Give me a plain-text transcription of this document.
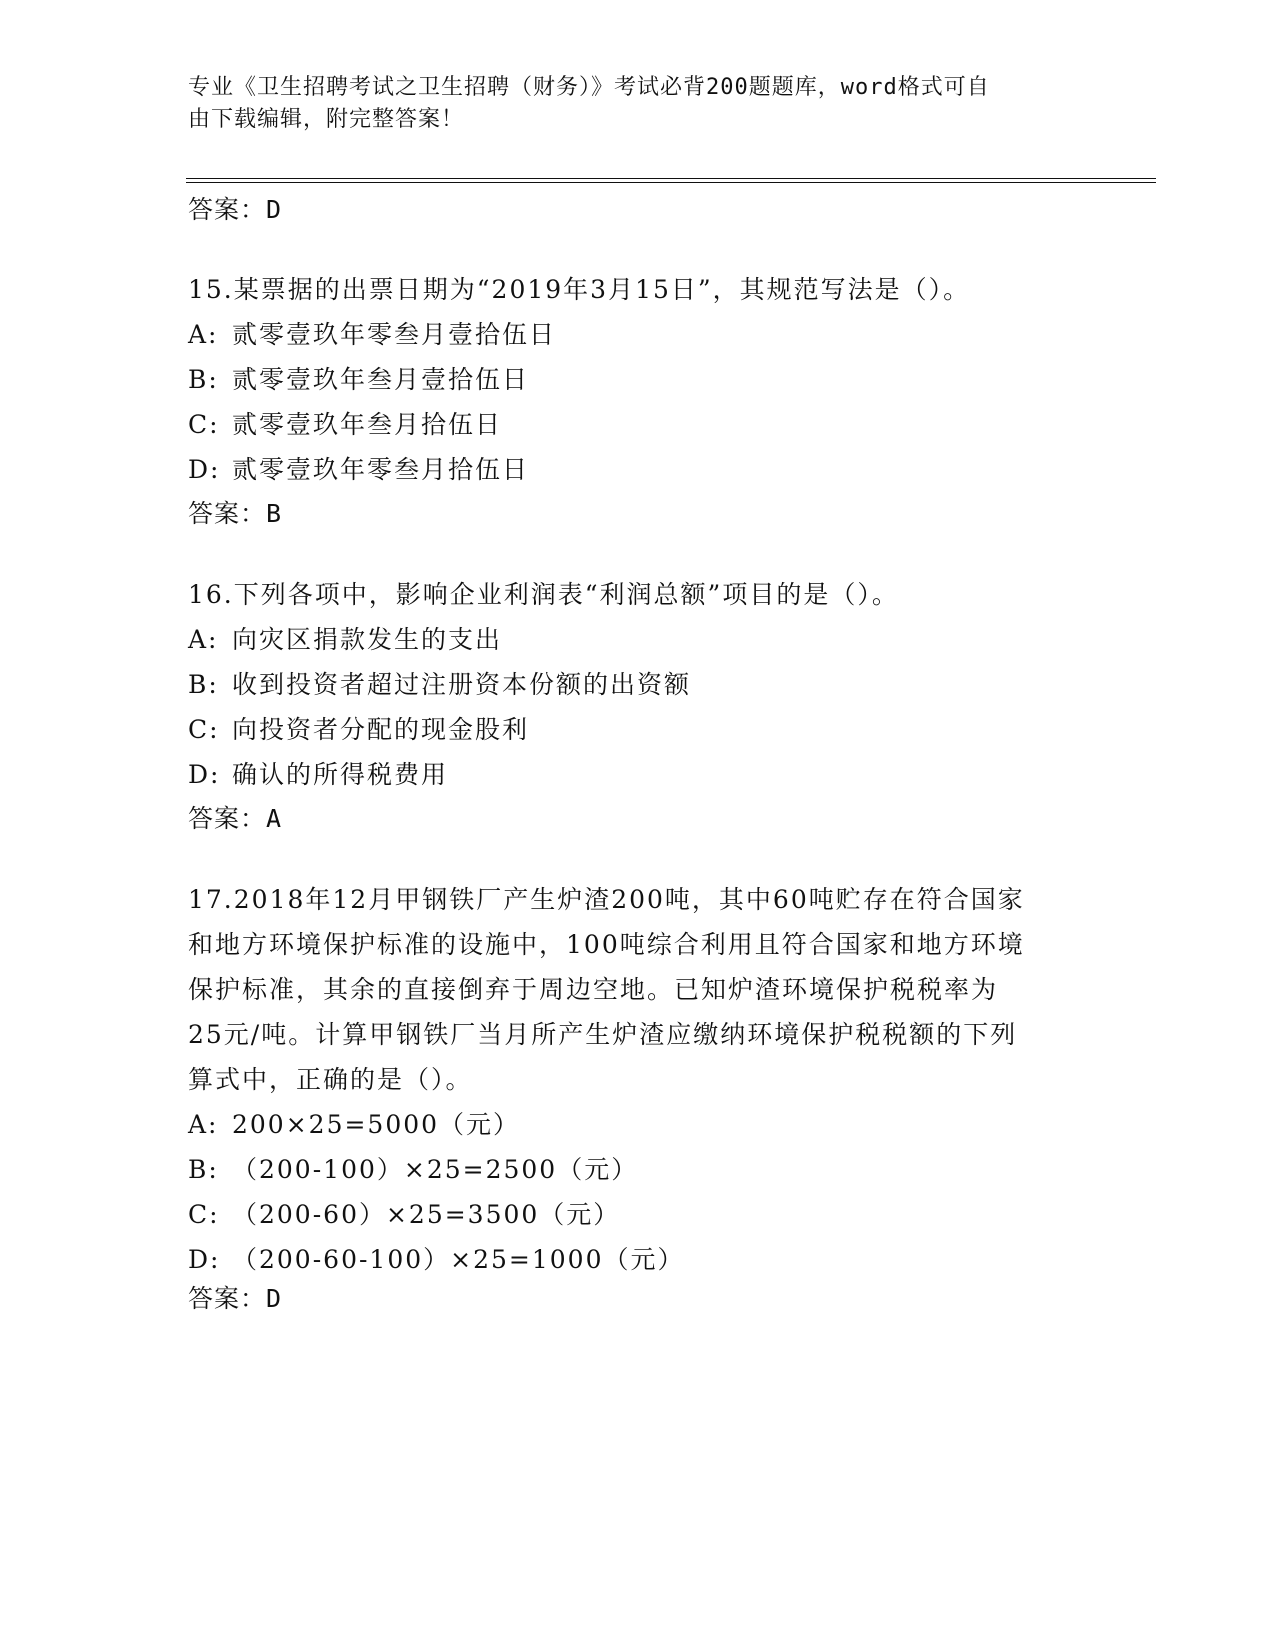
专业《卫生招聘考试之卫生招聘（财务）》考试必背200题题库，word格式可自
由下载编辑，附完整答案！
答案：D
15.某票据的出票日期为“2019年3月15日”，其规范写法是（）。
A: 贰零壹玖年零叁月壹拾伍日
B: 贰零壹玖年叁月壹拾伍日
C: 贰零壹玖年叁月拾伍日
D: 贰零壹玖年零叁月拾伍日
答案：B
16.下列各项中，影响企业利润表“利润总额”项目的是（）。
A: 向灾区捐款发生的支出
B: 收到投资者超过注册资本份额的出资额
C: 向投资者分配的现金股利
D: 确认的所得税费用
答案：A
17.2018年12月甲钢铁厂产生炉渣200吨，其中60吨贮存在符合国家
和地方环境保护标准的设施中，100吨综合利用且符合国家和地方环境
保护标准，其余的直接倒弃于周边空地。已知炉渣环境保护税税率为
25元/吨。计算甲钢铁厂当月所产生炉渣应缴纳环境保护税税额的下列
算式中，正确的是（）。
A: 200×25=5000（元）
B: （200-100）×25=2500（元）
C: （200-60）×25=3500（元）
D: （200-60-100）×25=1000（元）
答案：D
